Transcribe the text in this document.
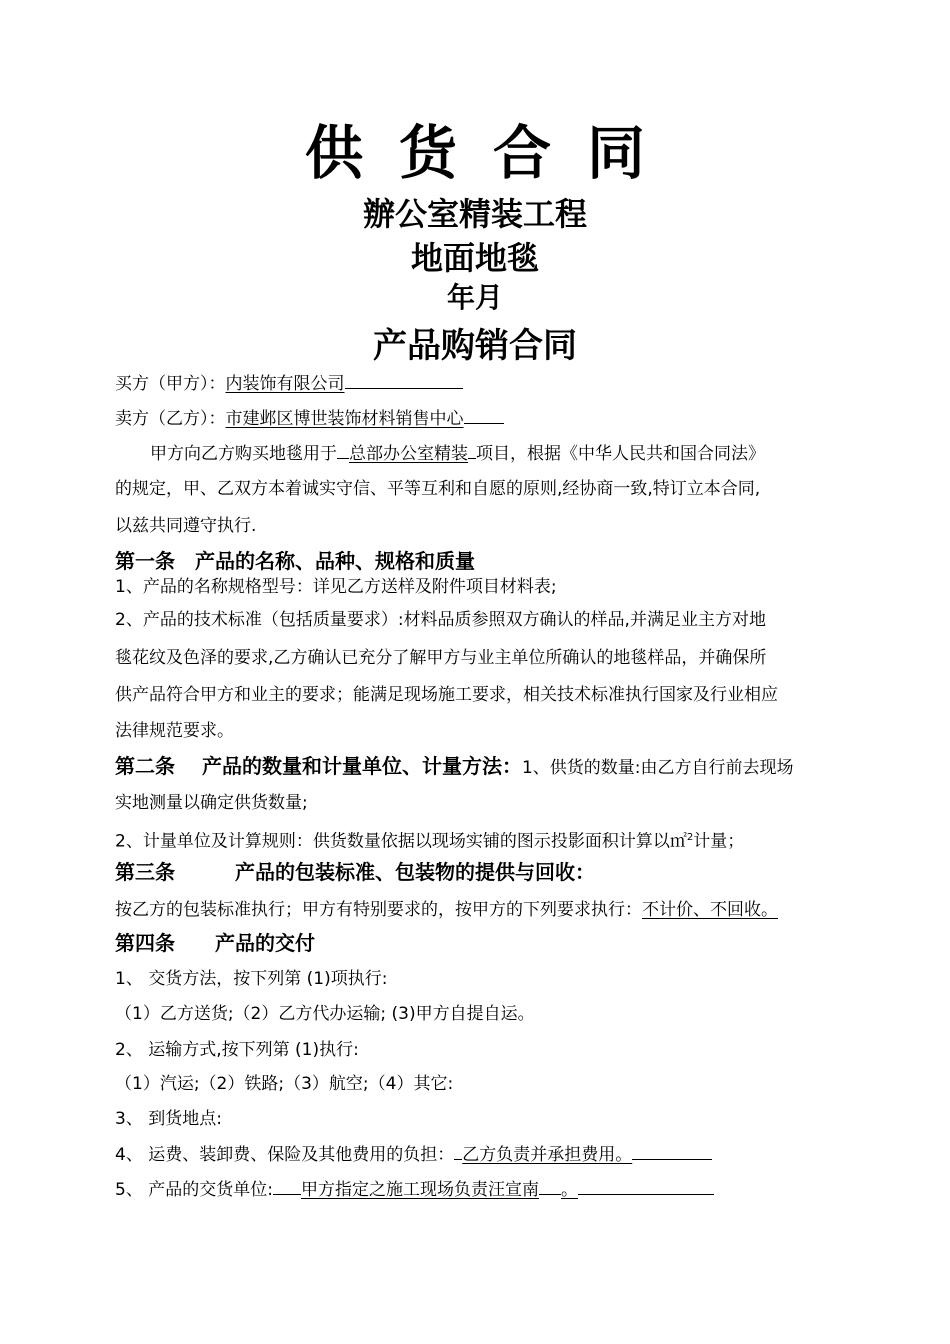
供货合同
辦公室精装工程
地面地毯
年月
产品购销合同
买方（甲方）：内装饰有限公司
卖方（乙方）：市建邺区博世装饰材料销售中心
甲方向乙方购买地毯用于 总部办公室精装 项目，根据《中华人民共和国合同法》
的规定，甲、乙双方本着诚实守信、平等互利和自愿的原则,经协商一致,特订立本合同,
以兹共同遵守执行.
第一条　产品的名称、品种、规格和质量
1、产品的名称规格型号：详见乙方送样及附件项目材料表;
2、产品的技术标准（包括质量要求）:材料品质参照双方确认的样品,并满足业主方对地
毯花纹及色泽的要求,乙方确认已充分了解甲方与业主单位所确认的地毯样品，并确保所
供产品符合甲方和业主的要求；能满足现场施工要求，相关技术标准执行国家及行业相应
法律规范要求。
第二条　 产品的数量和计量单位、计量方法：1、供货的数量:由乙方自行前去现场
实地测量以确定供货数量;
2、计量单位及计算规则：供货数量依据以现场实铺的图示投影面积计算以㎡$^2$计量；
第三条　　　产品的包装标准、包装物的提供与回收：
按乙方的包装标准执行；甲方有特别要求的，按甲方的下列要求执行：不计价、不回收。
第四条　　产品的交付
1、 交货方法，按下列第 (1)项执行:
（1）乙方送货;（2）乙方代办运输; (3)甲方自提自运。
2、 运输方式,按下列第 (1)执行:
（1）汽运;（2）铁路;（3）航空;（4）其它:
3、 到货地点:
4、 运费、装卸费、保险及其他费用的负担： 乙方负责并承担费用。
5、 产品的交货单位: 甲方指定之施工现场负责汪宣南 。
